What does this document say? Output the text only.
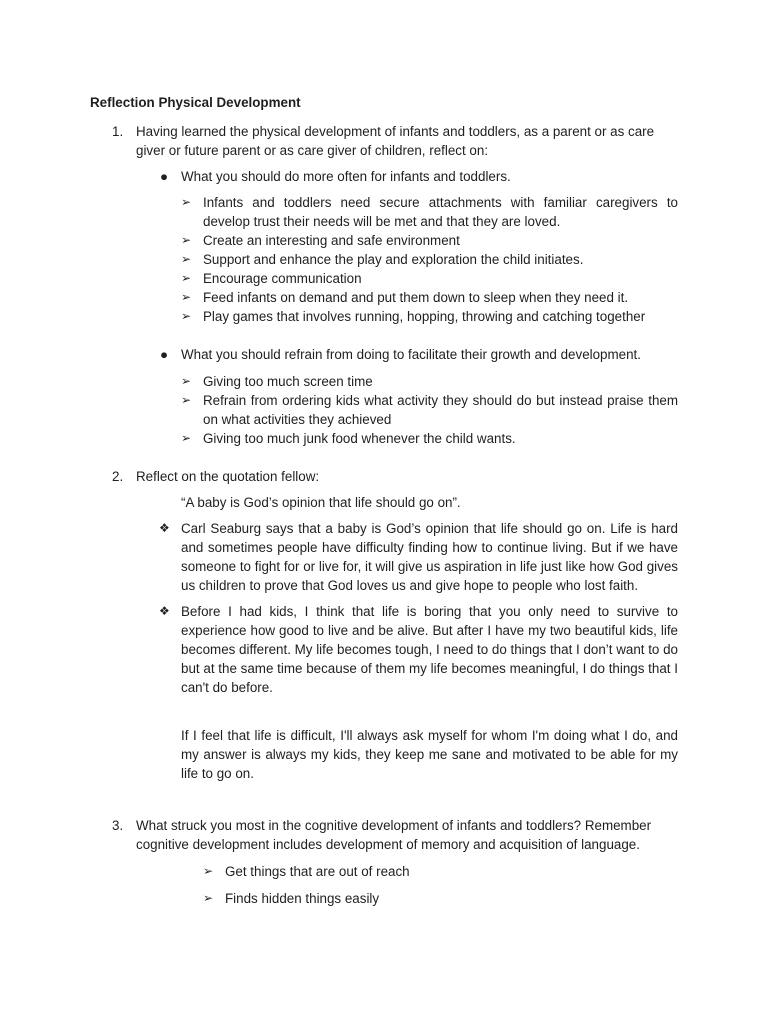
Reflection Physical Development
1. Having learned the physical development of infants and toddlers, as a parent or as care giver or future parent or as care giver of children, reflect on:
● What you should do more often for infants and toddlers.
➢ Infants and toddlers need secure attachments with familiar caregivers to develop trust their needs will be met and that they are loved.
➢ Create an interesting and safe environment
➢ Support and enhance the play and exploration the child initiates.
➢ Encourage communication
➢ Feed infants on demand and put them down to sleep when they need it.
➢ Play games that involves running, hopping, throwing and catching together
● What you should refrain from doing to facilitate their growth and development.
➢ Giving too much screen time
➢ Refrain from ordering kids what activity they should do but instead praise them on what activities they achieved
➢ Giving too much junk food whenever the child wants.
2. Reflect on the quotation fellow:
“A baby is God’s opinion that life should go on”.
❖ Carl Seaburg says that a baby is God’s opinion that life should go on. Life is hard and sometimes people have difficulty finding how to continue living. But if we have someone to fight for or live for, it will give us aspiration in life just like how God gives us children to prove that God loves us and give hope to people who lost faith.
❖ Before I had kids, I think that life is boring that you only need to survive to experience how good to live and be alive. But after I have my two beautiful kids, life becomes different. My life becomes tough, I need to do things that I don’t want to do but at the same time because of them my life becomes meaningful, I do things that I can't do before.
If I feel that life is difficult, I'll always ask myself for whom I'm doing what I do, and my answer is always my kids, they keep me sane and motivated to be able for my life to go on.
3. What struck you most in the cognitive development of infants and toddlers? Remember cognitive development includes development of memory and acquisition of language.
➢ Get things that are out of reach
➢ Finds hidden things easily
